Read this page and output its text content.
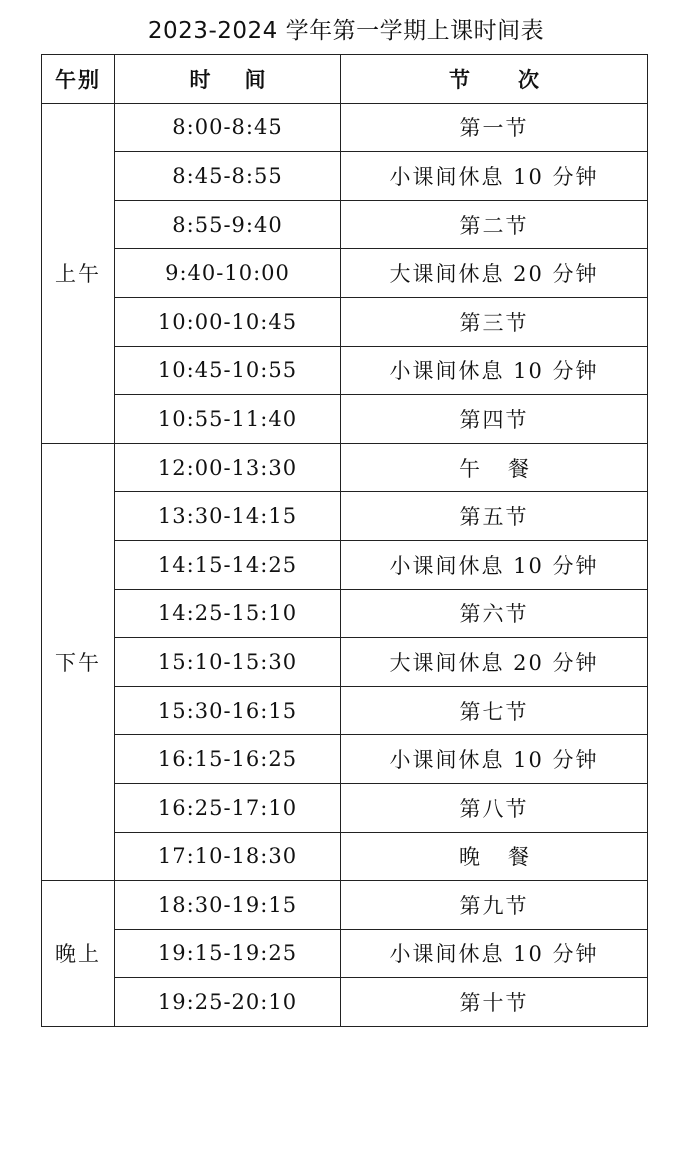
2023-2024 学年第一学期上课时间表
午别	时间	节次
上午	8:00-8:45	第一节
	8:45-8:55	小课间休息 10 分钟
	8:55-9:40	第二节
	9:40-10:00	大课间休息 20 分钟
	10:00-10:45	第三节
	10:45-10:55	小课间休息 10 分钟
	10:55-11:40	第四节
下午	12:00-13:30	午餐
	13:30-14:15	第五节
	14:15-14:25	小课间休息 10 分钟
	14:25-15:10	第六节
	15:10-15:30	大课间休息 20 分钟
	15:30-16:15	第七节
	16:15-16:25	小课间休息 10 分钟
	16:25-17:10	第八节
	17:10-18:30	晚餐
晚上	18:30-19:15	第九节
	19:15-19:25	小课间休息 10 分钟
	19:25-20:10	第十节
